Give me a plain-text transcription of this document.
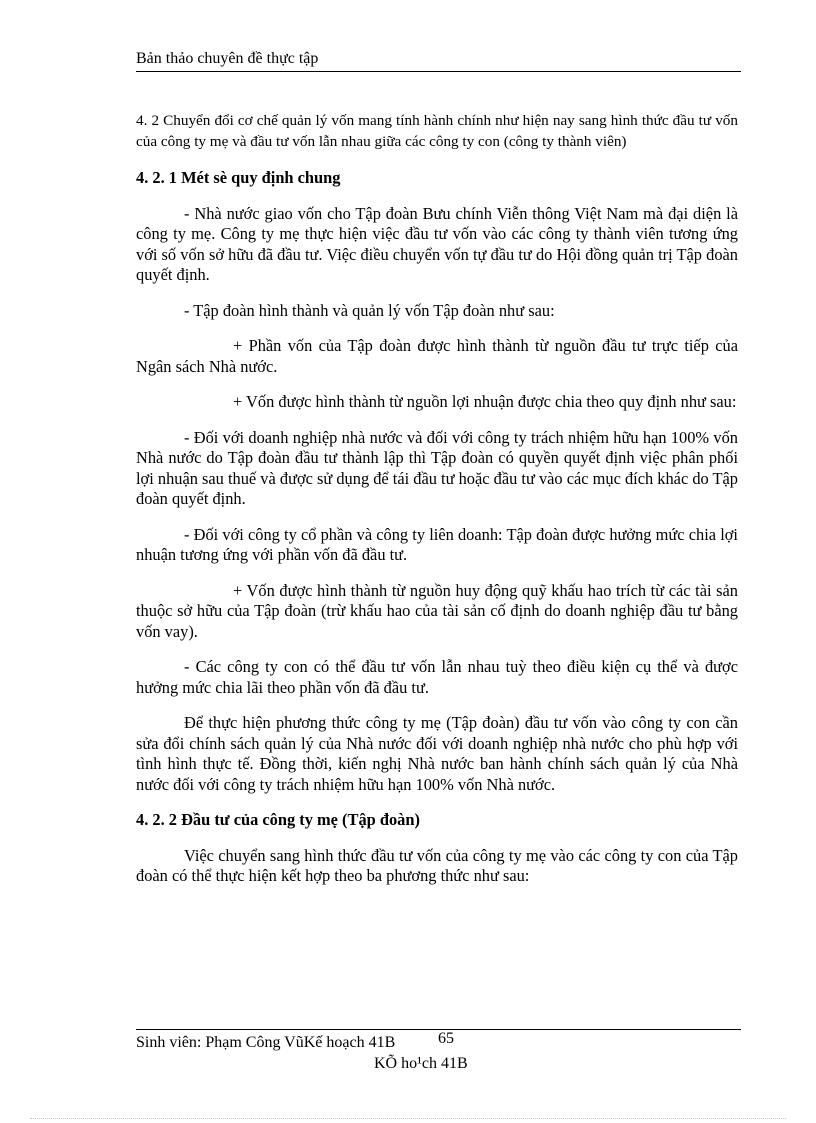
Bản thảo chuyên đề thực tập

4. 2 Chuyển đổi cơ chế quản lý vốn mang tính hành chính như hiện nay sang hình thức đầu tư vốn của công ty mẹ và đầu tư vốn lẫn nhau giữa các công ty con (công ty thành viên)

4. 2. 1 Mét sè quy định chung

- Nhà nước giao vốn cho Tập đoàn Bưu chính Viễn thông Việt Nam mà đại diện là công ty mẹ. Công ty mẹ thực hiện việc đầu tư vốn vào các công ty thành viên tương ứng với số vốn sở hữu đã đầu tư. Việc điều chuyển vốn tự đầu tư do Hội đồng quản trị Tập đoàn quyết định.

- Tập đoàn hình thành và quản lý vốn Tập đoàn như sau:

+ Phần vốn của Tập đoàn được hình thành từ nguồn đầu tư trực tiếp của Ngân sách Nhà nước.

+ Vốn được hình thành từ nguồn lợi nhuận được chia theo quy định như sau:

- Đối với doanh nghiệp nhà nước và đối với công ty trách nhiệm hữu hạn 100% vốn Nhà nước do Tập đoàn đầu tư thành lập thì Tập đoàn có quyền quyết định việc phân phối lợi nhuận sau thuế và được sử dụng để tái đầu tư hoặc đầu tư vào các mục đích khác do Tập đoàn quyết định.

- Đối với công ty cổ phần và công ty liên doanh: Tập đoàn được hưởng mức chia lợi nhuận tương ứng với phần vốn đã đầu tư.

+ Vốn được hình thành từ nguồn huy động quỹ khấu hao trích từ các tài sản thuộc sở hữu của Tập đoàn (trừ khấu hao của tài sản cố định do doanh nghiệp đầu tư bằng vốn vay).

- Các công ty con có thể đầu tư vốn lẫn nhau tuỳ theo điều kiện cụ thể và được hưởng mức chia lãi theo phần vốn đã đầu tư.

Để thực hiện phương thức công ty mẹ (Tập đoàn) đầu tư vốn vào công ty con cần sửa đổi chính sách quản lý của Nhà nước đối với doanh nghiệp nhà nước cho phù hợp với tình hình thực tế. Đồng thời, kiến nghị Nhà nước ban hành chính sách quản lý của Nhà nước đối với công ty trách nhiệm hữu hạn 100% vốn Nhà nước.

4. 2. 2 Đầu tư của công ty mẹ (Tập đoàn)

Việc chuyển sang hình thức đầu tư vốn của công ty mẹ vào các công ty con của Tập đoàn có thể thực hiện kết hợp theo ba phương thức như sau:

Sinh viên: Phạm Công VũKế hoạch 41B	65
KÕ ho¹ch 41B
